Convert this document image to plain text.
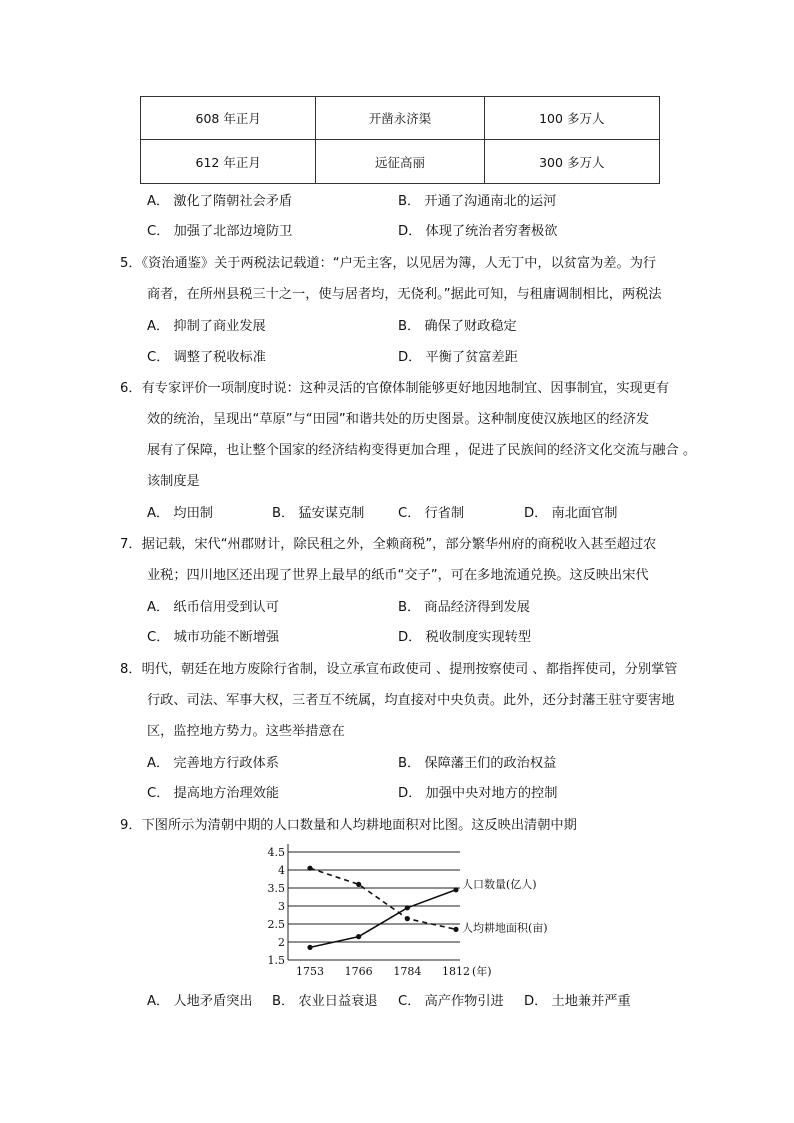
608 年正月	开凿永济渠	100 多万人
612 年正月	远征高丽	300 多万人
A． 激化了隋朝社会矛盾	B． 开通了沟通南北的运河
C． 加强了北部边境防卫	D． 体现了统治者穷奢极欲
5．《资治通鉴》关于两税法记载道：“户无主客，以见居为簿，人无丁中，以贫富为差。为行
商者，在所州县税三十之一，使与居者均，无侥利。”据此可知，与租庸调制相比，两税法
A． 抑制了商业发展	B． 确保了财政稳定
C． 调整了税收标准	D． 平衡了贫富差距
6．有专家评价一项制度时说：这种灵活的官僚体制能够更好地因地制宜、因事制宜，实现更有
效的统治，呈现出“草原”与“田园”和谐共处的历史图景。这种制度使汉族地区的经济发
展有了保障，也让整个国家的经济结构变得更加合理 ，促进了民族间的经济文化交流与融合 。
该制度是
A． 均田制	B． 猛安谋克制	C． 行省制	D． 南北面官制
7．据记载，宋代“州郡财计，除民租之外，全赖商税”，部分繁华州府的商税收入甚至超过农
业税；四川地区还出现了世界上最早的纸币“交子”，可在多地流通兑换。这反映出宋代
A． 纸币信用受到认可	B． 商品经济得到发展
C． 城市功能不断增强	D． 税收制度实现转型
8．明代，朝廷在地方废除行省制，设立承宣布政使司 、提刑按察使司 、都指挥使司，分别掌管
行政、司法、军事大权，三者互不统属，均直接对中央负责。此外，还分封藩王驻守要害地
区，监控地方势力。这些举措意在
A． 完善地方行政体系	B． 保障藩王们的政治权益
C． 提高地方治理效能	D． 加强中央对地方的控制
9．下图所示为清朝中期的人口数量和人均耕地面积对比图。这反映出清朝中期
4.5
4
3.5
3
2.5
2
1.5
1753 1766 1784 1812 (年)
人口数量(亿人)
人均耕地面积(亩)
A． 人地矛盾突出 B． 农业日益衰退 C． 高产作物引进 D． 土地兼并严重
